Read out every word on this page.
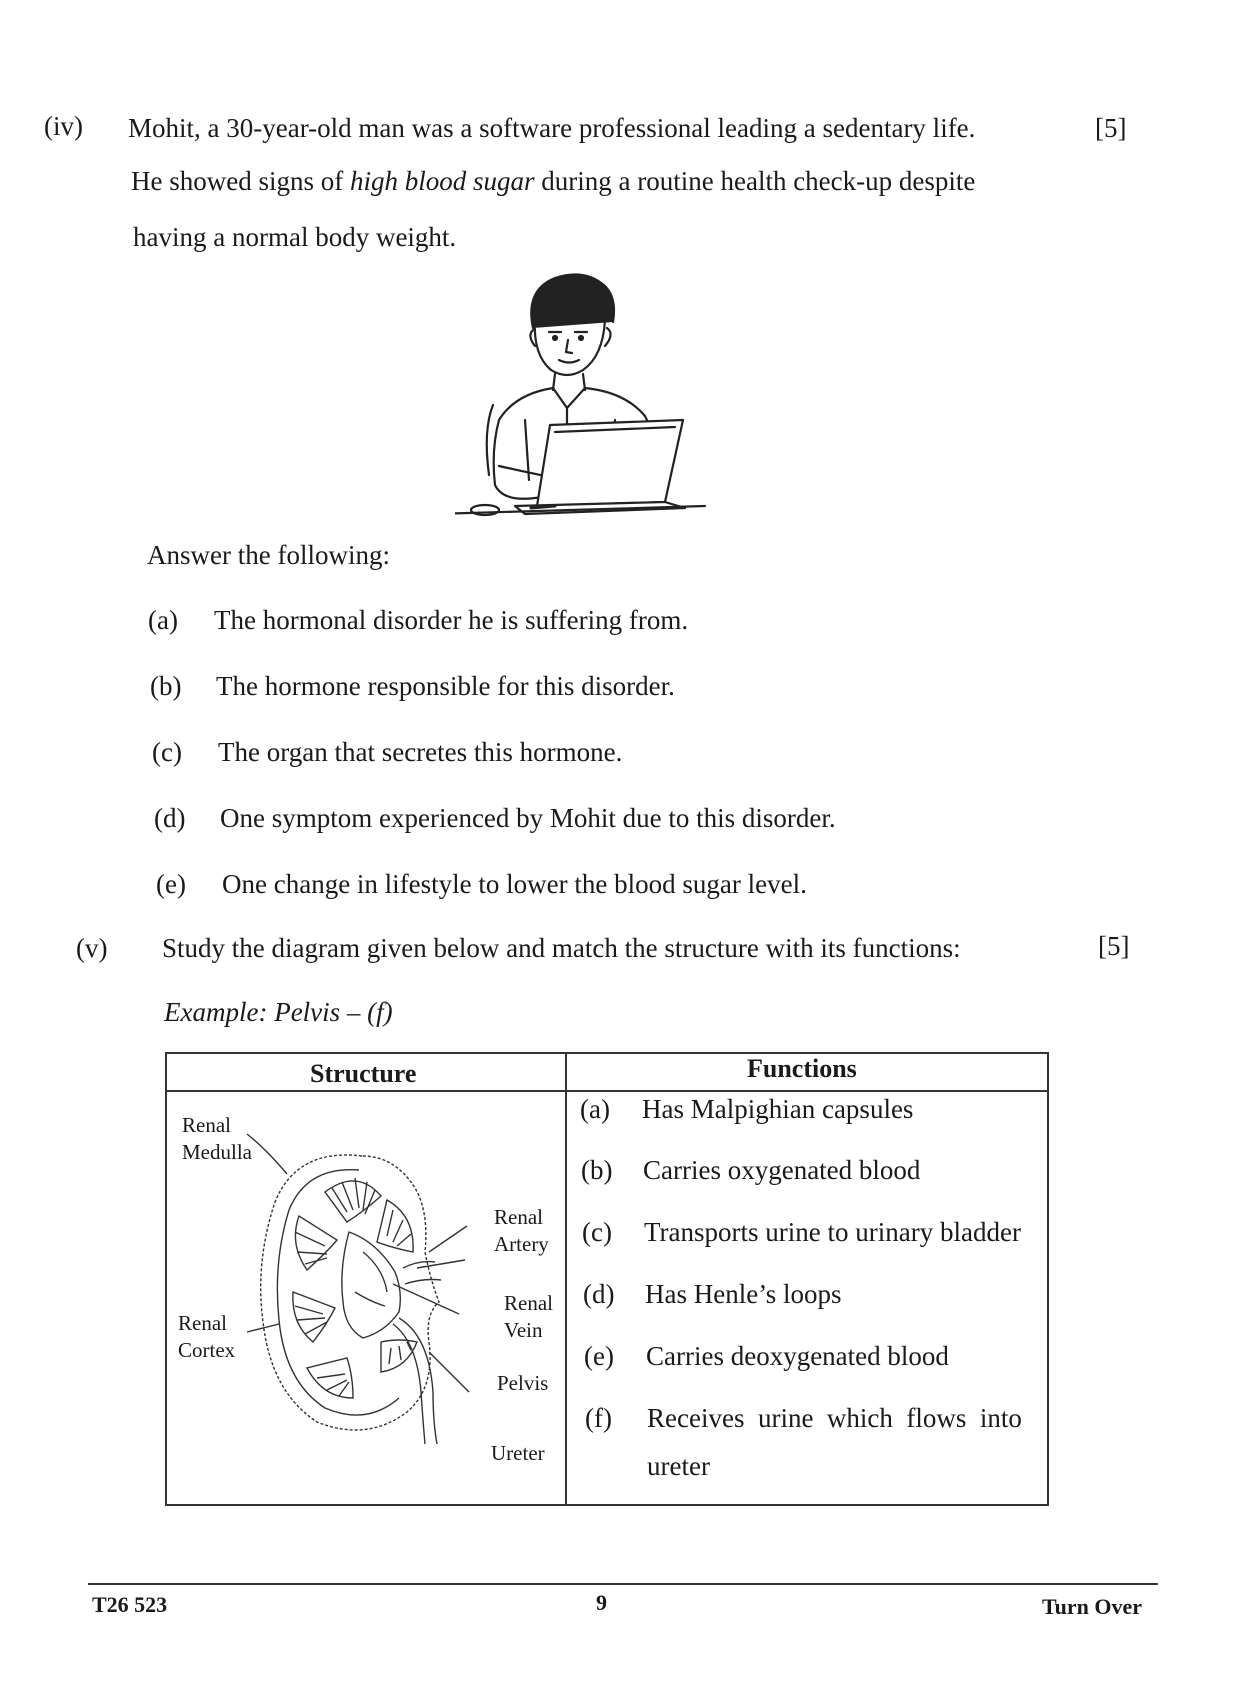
(iv)	[5]
Mohit, a 30-year-old man was a software professional leading a sedentary life.
He showed signs of high blood sugar during a routine health check-up despite
having a normal body weight.
Answer the following:
(a) The hormonal disorder he is suffering from.
(b) The hormone responsible for this disorder.
(c) The organ that secretes this hormone.
(d) One symptom experienced by Mohit due to this disorder.
(e) One change in lifestyle to lower the blood sugar level.
(v)	[5]
Study the diagram given below and match the structure with its functions:
Example: Pelvis – (f)
Structure	Functions
Renal Medulla
Renal Cortex
Renal Artery
Renal Vein
Pelvis
Ureter
(a) Has Malpighian capsules
(b) Carries oxygenated blood
(c) Transports urine to urinary bladder
(d) Has Henle’s loops
(e) Carries deoxygenated blood
(f) Receives  urine  which  flows  into
ureter
T26 523	9	Turn Over
